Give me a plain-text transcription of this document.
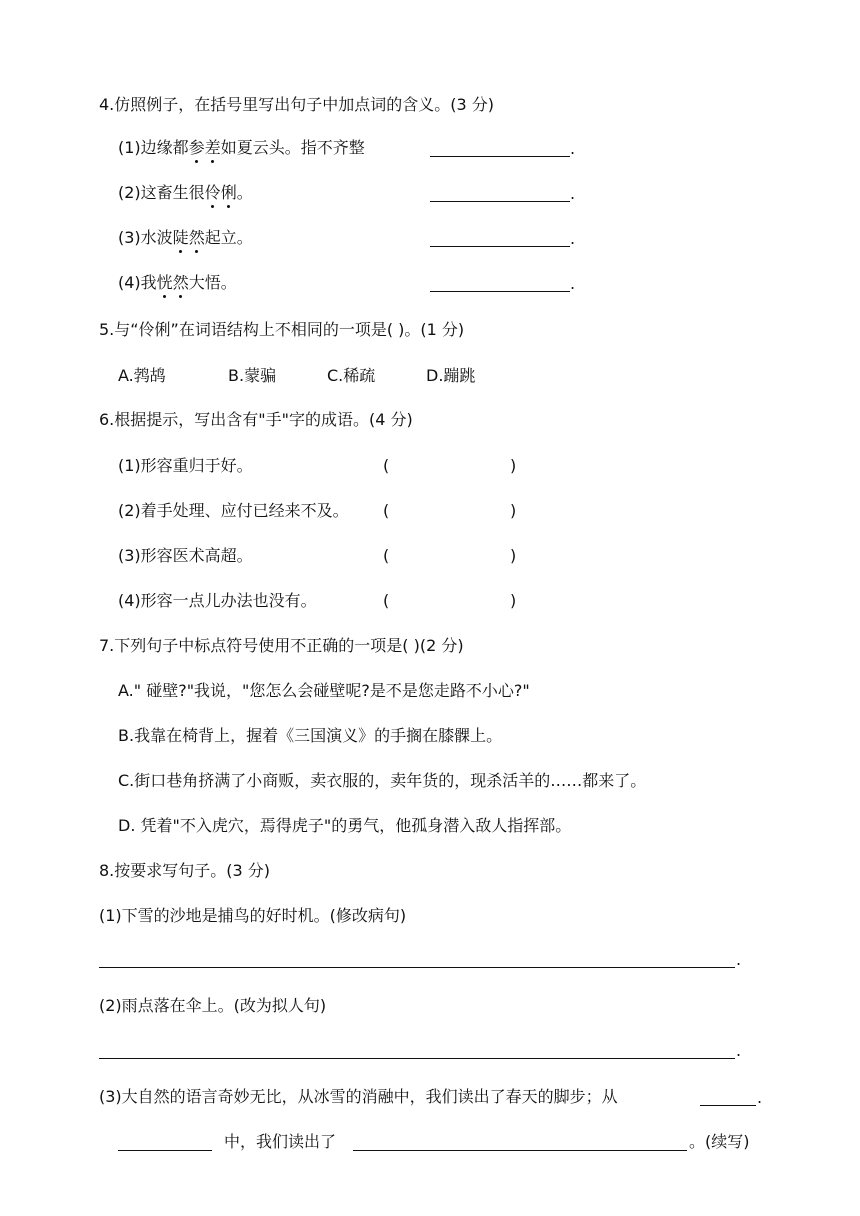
4.仿照例子，在括号里写出句子中加点词的含义。(3 分)
(1)边缘都参差如夏云头。指不齐整	.
(2)这畜生很伶俐。	.
(3)水波陡然起立。	.
(4)我恍然大悟。	.
5.与“伶俐”在词语结构上不相同的一项是( )。(1 分)
A.鹁鸪	B.蒙骗	C.稀疏	D.蹦跳
6.根据提示，写出含有"手"字的成语。(4 分)
(1)形容重归于好。	(	)
(2)着手处理、应付已经来不及。 (	)
(3)形容医术高超。	(	)
(4)形容一点儿办法也没有。	(	)
7.下列句子中标点符号使用不正确的一项是( )(2 分)
A." 碰壁?"我说，"您怎么会碰壁呢?是不是您走路不小心?"
B.我靠在椅背上，握着《三国演义》的手搁在膝髁上。
C.街口巷角挤满了小商贩，卖衣服的，卖年货的，现杀活羊的……都来了。
D. 凭着"不入虎穴，焉得虎子"的勇气，他孤身潜入敌人指挥部。
8.按要求写句子。(3 分)
(1)下雪的沙地是捕鸟的好时机。(修改病句)
.
(2)雨点落在伞上。(改为拟人句)
.
(3)大自然的语言奇妙无比，从冰雪的消融中，我们读出了春天的脚步；从	.
中，我们读出了	。(续写)
